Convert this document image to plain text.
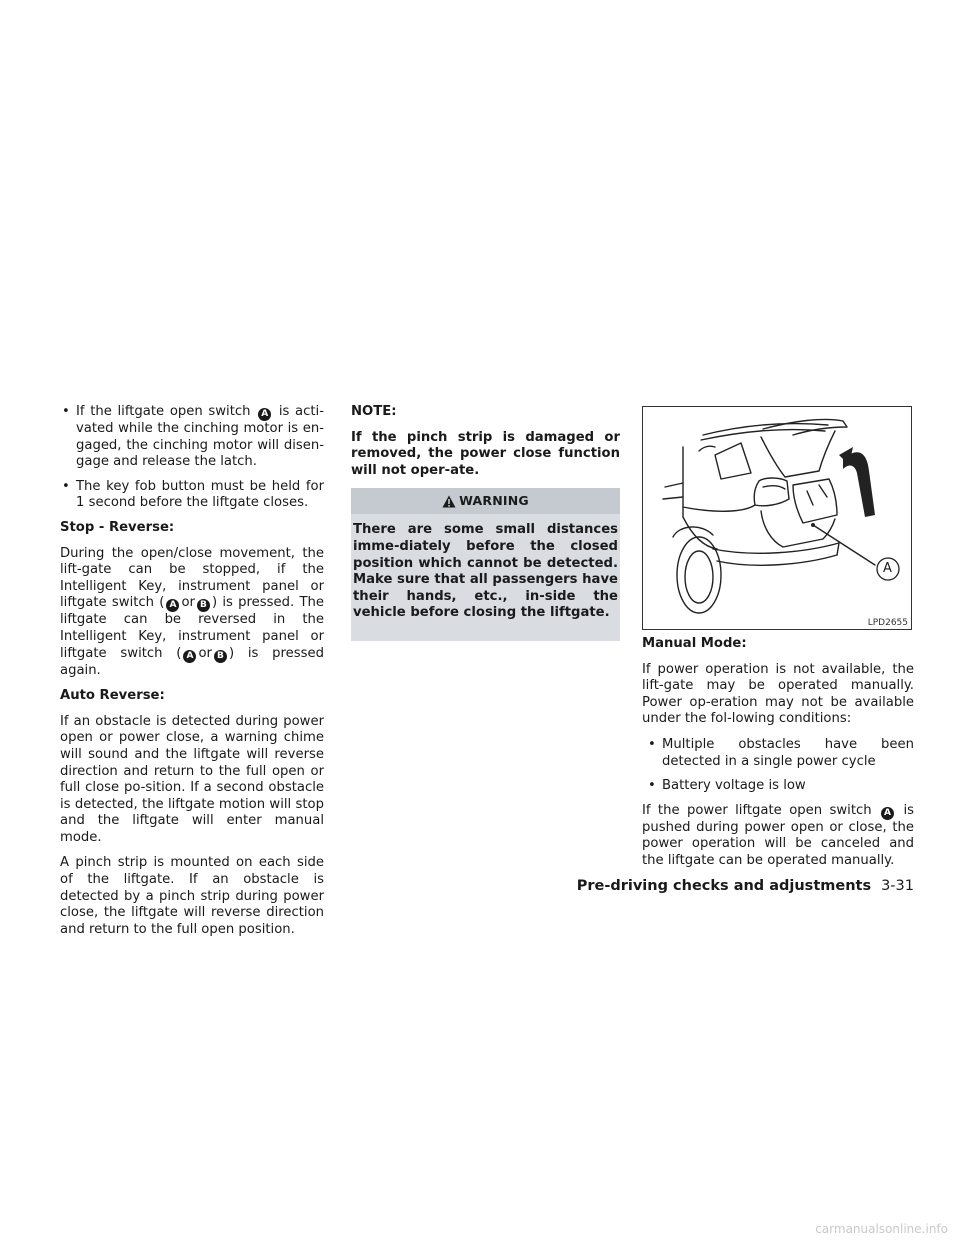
• If the liftgate open switch A is acti-vated while the cinching motor is en-gaged, the cinching motor will disen-gage and release the latch.
• The key fob button must be held for 1 second before the liftgate closes.

Stop - Reverse:

During the open/close movement, the lift-gate can be stopped, if the Intelligent Key, instrument panel or liftgate switch ( A or B ) is pressed. The liftgate can be reversed in the Intelligent Key, instrument panel or liftgate switch ( A or B ) is pressed again.

Auto Reverse:

If an obstacle is detected during power open or power close, a warning chime will sound and the liftgate will reverse direction and return to the full open or full close po-sition. If a second obstacle is detected, the liftgate motion will stop and the liftgate will enter manual mode.

A pinch strip is mounted on each side of the liftgate. If an obstacle is detected by a pinch strip during power close, the liftgate will reverse direction and return to the full open position.

NOTE:

If the pinch strip is damaged or removed, the power close function will not oper-ate.

WARNING

There are some small distances imme-diately before the closed position which cannot be detected. Make sure that all passengers have their hands, etc., in-side the vehicle before closing the liftgate.

A
LPD2655

Manual Mode:

If power operation is not available, the lift-gate may be operated manually. Power op-eration may not be available under the fol-lowing conditions:

• Multiple obstacles have been detected in a single power cycle
• Battery voltage is low

If the power liftgate open switch A is pushed during power open or close, the power operation will be canceled and the liftgate can be operated manually.

Pre-driving checks and adjustments 3-31
carmanualsonline.info
